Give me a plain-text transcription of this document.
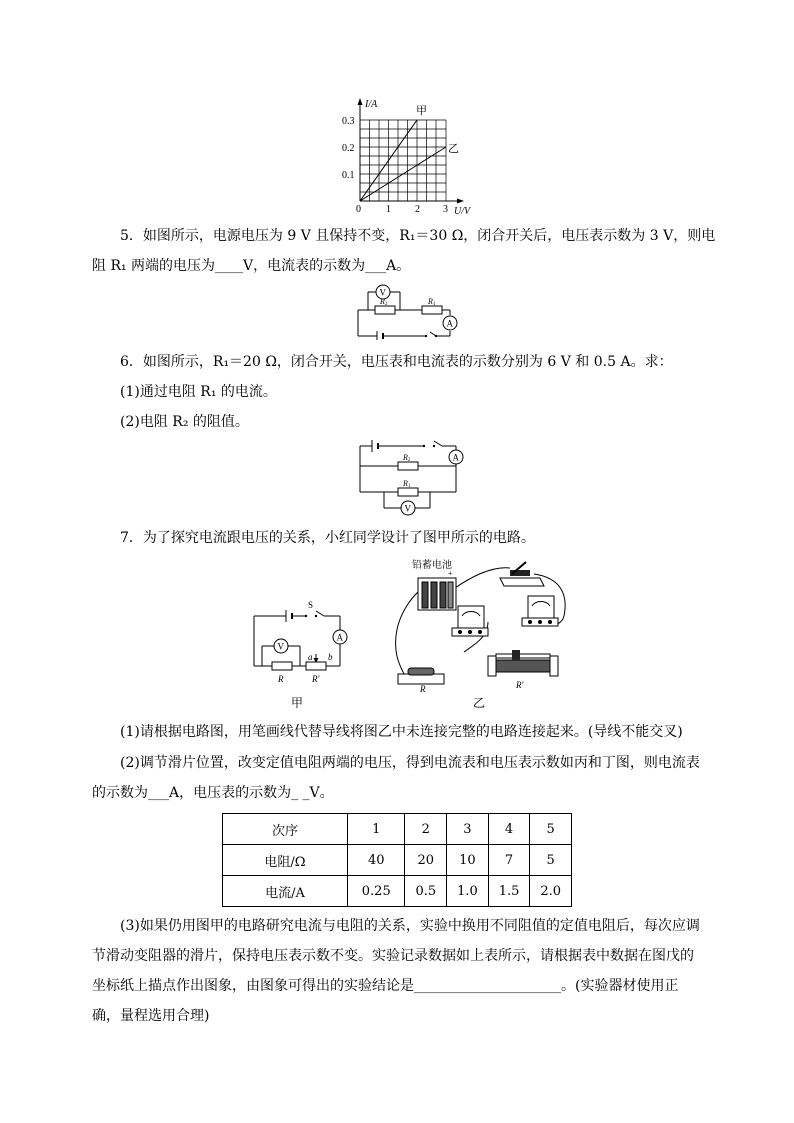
I/A
0.3
0.2
0.1
0	1 2 3 U/V
甲
乙
5．如图所示，电源电压为 9 V 且保持不变，R₁＝30 Ω，闭合开关后，电压表示数为 3 V，则电
阻 R₁ 两端的电压为____V，电流表的示数为___A。
V
A
R 2	R 1
6．如图所示，R₁＝20 Ω，闭合开关，电压表和电流表的示数分别为 6 V 和 0.5 A。求：
(1)通过电阻 R₁ 的电流。
(2)电阻 R₂ 的阻值。
A
V
R 2
R 1
7．为了探究电流跟电压的关系，小红同学设计了图甲所示的电路。
V
A
S
R	R′
a b
甲
铅蓄电池
+
R	R′
乙
(1)请根据电路图，用笔画线代替导线将图乙中未连接完整的电路连接起来。(导线不能交叉)
(2)调节滑片位置，改变定值电阻两端的电压，得到电流表和电压表示数如丙和丁图，则电流表
的示数为___A，电压表的示数为_ _V。
次序	1	2	3	4	5
电阻/Ω	40	20	10	7	5
电流/A	0.25	0.5	1.0	1.5	2.0
(3)如果仍用图甲的电路研究电流与电阻的关系，实验中换用不同阻值的定值电阻后，每次应调
节滑动变阻器的滑片，保持电压表示数不变。实验记录数据如上表所示，请根据表中数据在图戊的
坐标纸上描点作出图象，由图象可得出的实验结论是_____________________。(实验器材使用正
确，量程选用合理)
